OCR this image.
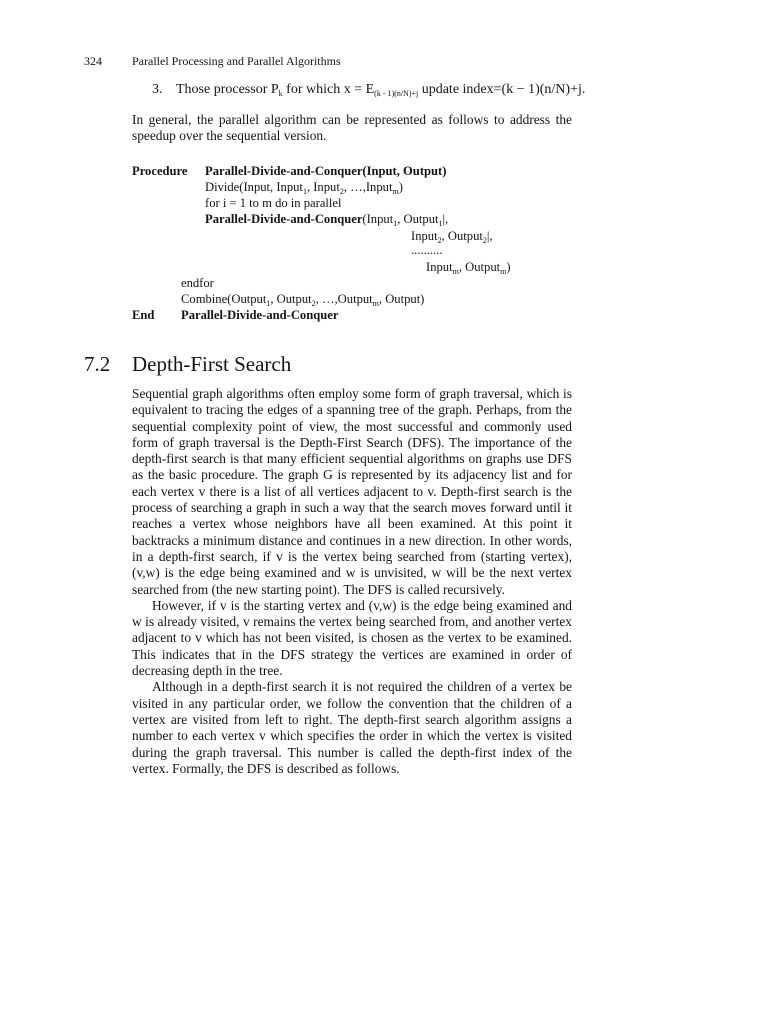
324	Parallel Processing and Parallel Algorithms
3. Those processor $P_k$ for which $x = E_{(k - 1)(n/N)+j}$ update index=(k − 1)(n/N)+j.

In general, the parallel algorithm can be represented as follows to address the speedup over the sequential version.

Procedure Parallel-Divide-and-Conquer(Input, Output)
Divide(Input, Input$_1$, Input$_2$, …,Input$_m$)
for i = 1 to m do in parallel
Parallel-Divide-and-Conquer(Input$_1$, Output$_1$|,
Input$_2$, Output$_2$|,
..........
Input$_m$, Output$_m$)
endfor
Combine(Output$_1$, Output$_2$, …,Output$_m$, Output)
End Parallel-Divide-and-Conquer
7.2 Depth-First Search

Sequential graph algorithms often employ some form of graph traversal, which is equivalent to tracing the edges of a spanning tree of the graph. Perhaps, from the sequential complexity point of view, the most successful and commonly used form of graph traversal is the Depth-First Search (DFS). The importance of the depth-first search is that many efficient sequential algorithms on graphs use DFS as the basic procedure. The graph G is represented by its adjacency list and for each vertex v there is a list of all vertices adjacent to v. Depth-first search is the process of searching a graph in such a way that the search moves forward until it reaches a vertex whose neighbors have all been examined. At this point it backtracks a minimum distance and continues in a new direction. In other words, in a depth-first search, if v is the vertex being searched from (starting vertex), (v,w) is the edge being examined and w is unvisited, w will be the next vertex searched from (the new starting point). The DFS is called recursively.

However, if v is the starting vertex and (v,w) is the edge being examined and w is already visited, v remains the vertex being searched from, and another vertex adjacent to v which has not been visited, is chosen as the vertex to be examined. This indicates that in the DFS strategy the vertices are examined in order of decreasing depth in the tree.

Although in a depth-first search it is not required the children of a vertex be visited in any particular order, we follow the convention that the children of a vertex are visited from left to right. The depth-first search algorithm assigns a number to each vertex v which specifies the order in which the vertex is visited during the graph traversal. This number is called the depth-first index of the vertex. Formally, the DFS is described as follows.
